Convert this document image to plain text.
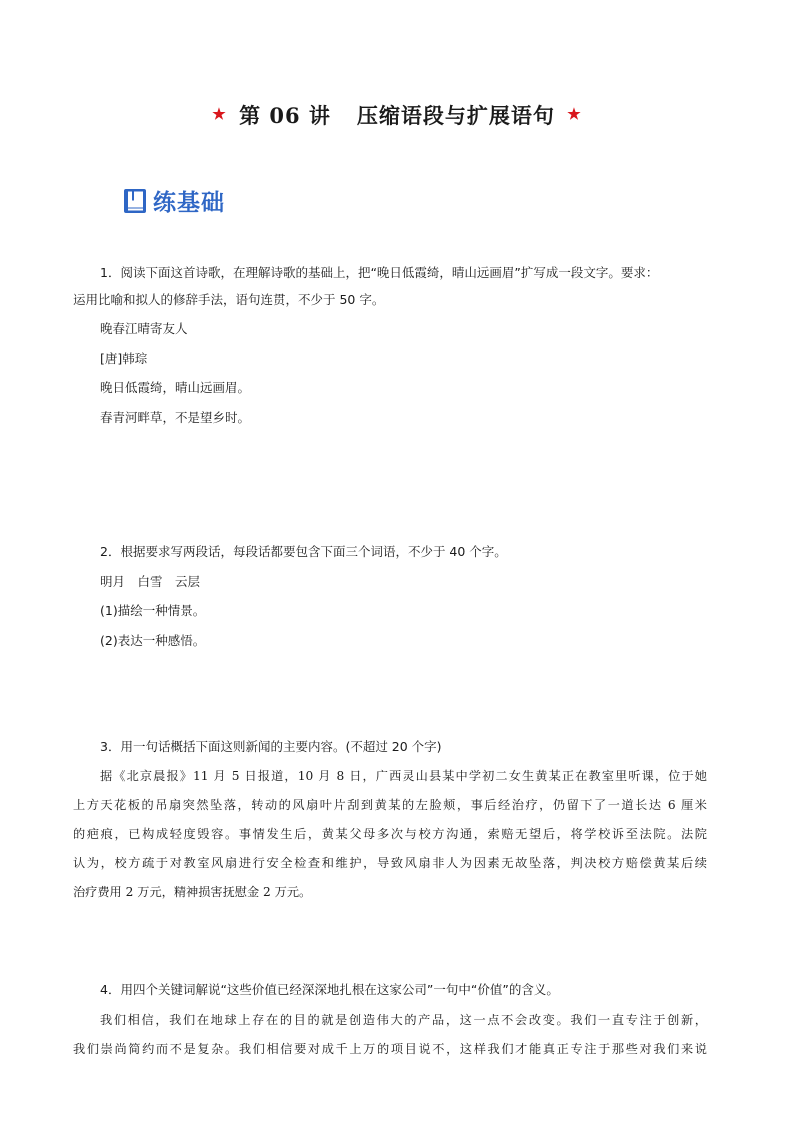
★ 第 06 讲 压缩语段与扩展语句 ★
练基础
1．阅读下面这首诗歌，在理解诗歌的基础上，把“晚日低霞绮，晴山远画眉”扩写成一段文字。要求：
运用比喻和拟人的修辞手法，语句连贯，不少于 50 字。
晚春江晴寄友人
[唐]韩琮
晚日低霞绮，晴山远画眉。
春青河畔草，不是望乡时。
2．根据要求写两段话，每段话都要包含下面三个词语，不少于 40 个字。
明月　白雪　云层
(1)描绘一种情景。
(2)表达一种感悟。
3．用一句话概括下面这则新闻的主要内容。(不超过 20 个字)
据《北京晨报》11 月 5 日报道，10 月 8 日，广西灵山县某中学初二女生黄某正在教室里听课，位于她
上方天花板的吊扇突然坠落，转动的风扇叶片刮到黄某的左脸颊，事后经治疗，仍留下了一道长达 6 厘米
的疤痕，已构成轻度毁容。事情发生后，黄某父母多次与校方沟通，索赔无望后，将学校诉至法院。法院
认为，校方疏于对教室风扇进行安全检查和维护，导致风扇非人为因素无故坠落，判决校方赔偿黄某后续
治疗费用 2 万元，精神损害抚慰金 2 万元。
4．用四个关键词解说“这些价值已经深深地扎根在这家公司”一句中“价值”的含义。
我们相信，我们在地球上存在的目的就是创造伟大的产品，这一点不会改变。我们一直专注于创新，
我们崇尚简约而不是复杂。我们相信要对成千上万的项目说不，这样我们才能真正专注于那些对我们来说
